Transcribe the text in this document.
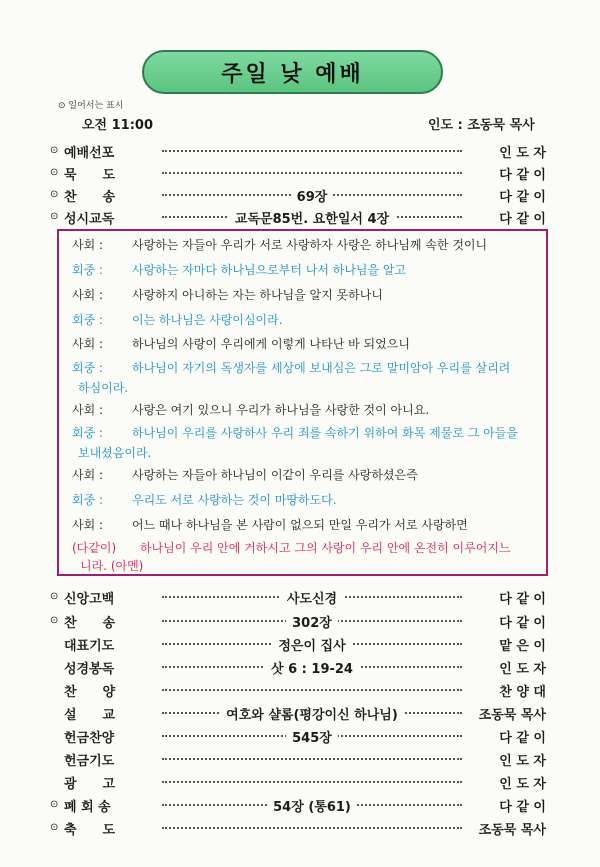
주일 낮 예배
⊙ 일어서는 표시
오전 11:00	인도 : 조동묵 목사
⊙ 예배선포	인 도 자
⊙ 묵　　도	다 같 이
⊙ 찬　　송	69장	다 같 이
⊙ 성시교독	교독문85번. 요한일서 4장	다 같 이
사회 : 사랑하는 자들아 우리가 서로 사랑하자 사랑은 하나님께 속한 것이니
회중 : 사랑하는 자마다 하나님으로부터 나서 하나님을 알고
사회 : 사랑하지 아니하는 자는 하나님을 알지 못하나니
회중 : 이는 하나님은 사랑이심이라.
사회 : 하나님의 사랑이 우리에게 이렇게 나타난 바 되었으니
회중 : 하나님이 자기의 독생자를 세상에 보내심은 그로 말미암아 우리를 살리려
하심이라.
사회 : 사랑은 여기 있으니 우리가 하나님을 사랑한 것이 아니요.
회중 : 하나님이 우리를 사랑하사 우리 죄를 속하기 위하여 화목 제물로 그 아들을
보내셨음이라.
사회 : 사랑하는 자들아 하나님이 이같이 우리를 사랑하셨은즉
회중 : 우리도 서로 사랑하는 것이 마땅하도다.
사회 : 어느 때나 하나님을 본 사람이 없으되 만일 우리가 서로 사랑하면
(다같이) 하나님이 우리 안에 거하시고 그의 사랑이 우리 안에 온전히 이루어지느
니라. (아멘)
⊙ 신앙고백	사도신경	다 같 이
⊙ 찬　　송	302장	다 같 이
대표기도	정은이 집사	맡 은 이
성경봉독	삿 6 : 19-24	인 도 자
찬　　양	찬 양 대
설　　교	여호와 샬롬(평강이신 하나님)	조동묵 목사
헌금찬양	545장	다 같 이
헌금기도	인 도 자
광　　고	인 도 자
⊙ 폐 회 송	54장 (통61)	다 같 이
⊙ 축　　도	조동묵 목사
